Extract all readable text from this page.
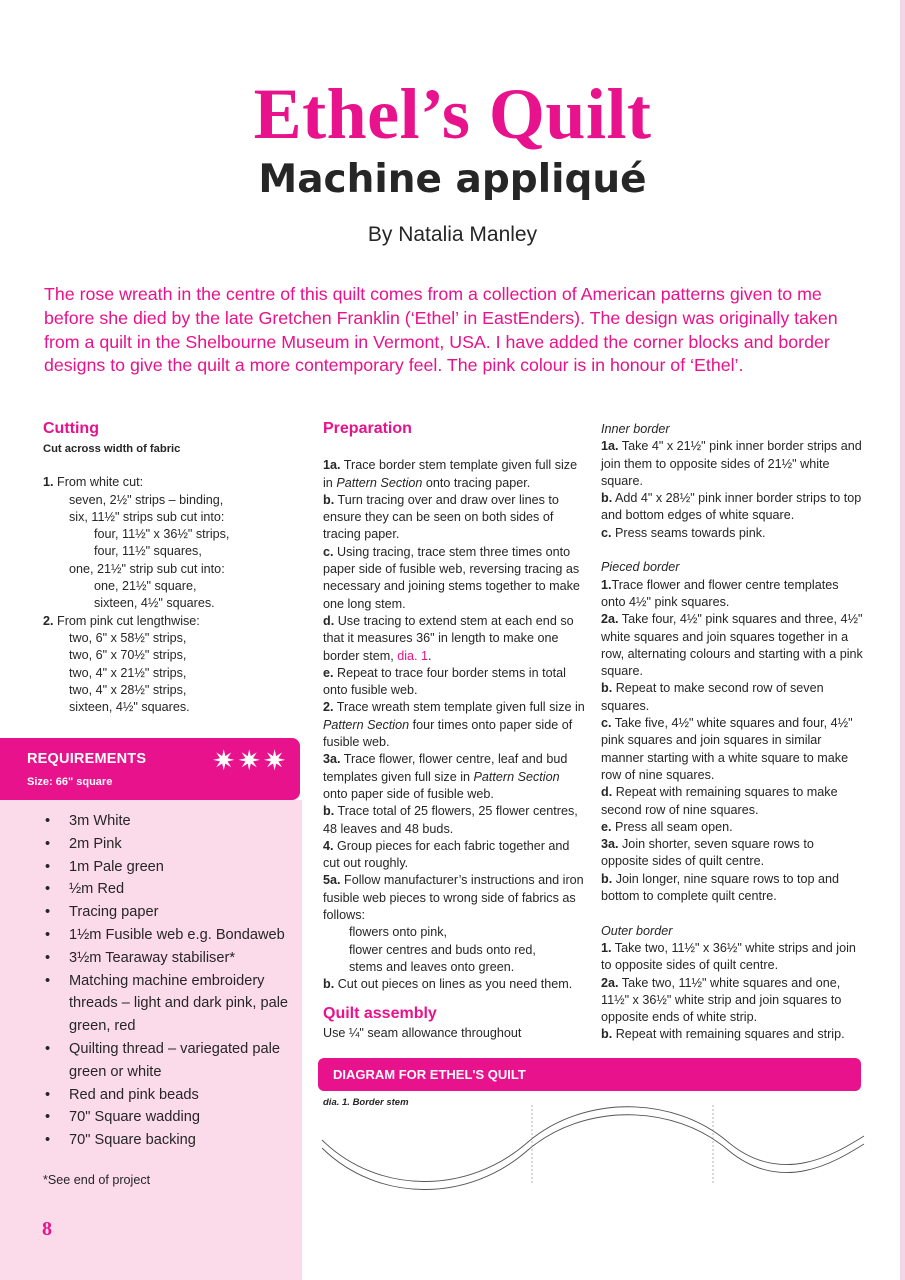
Ethel’s Quilt
Machine appliqué
By Natalia Manley

The rose wreath in the centre of this quilt comes from a collection of American patterns given to me before she died by the late Gretchen Franklin (‘Ethel’ in EastEnders). The design was originally taken from a quilt in the Shelbourne Museum in Vermont, USA. I have added the corner blocks and border designs to give the quilt a more contemporary feel. The pink colour is in honour of ‘Ethel’.

Cutting
Cut across width of fabric
1. From white cut:
seven, 2½" strips – binding,
six, 11½" strips sub cut into:
four, 11½" x 36½" strips,
four, 11½" squares,
one, 21½" strip sub cut into:
one, 21½" square,
sixteen, 4½" squares.
2. From pink cut lengthwise:
two, 6" x 58½" strips,
two, 6" x 70½" strips,
two, 4" x 21½" strips,
two, 4" x 28½" strips,
sixteen, 4½" squares.
REQUIREMENTS
Size: 66" square
✷✷✷
• 3m White
• 2m Pink
• 1m Pale green
• ½m Red
• Tracing paper
• 1½m Fusible web e.g. Bondaweb
• 3½m Tearaway stabiliser*
• Matching machine embroidery threads – light and dark pink, pale green, red
• Quilting thread – variegated pale green or white
• Red and pink beads
• 70" Square wadding
• 70" Square backing
*See end of project
8
Preparation
1a. Trace border stem template given full size in Pattern Section onto tracing paper.
b. Turn tracing over and draw over lines to ensure they can be seen on both sides of tracing paper.
c. Using tracing, trace stem three times onto paper side of fusible web, reversing tracing as necessary and joining stems together to make one long stem.
d. Use tracing to extend stem at each end so that it measures 36" in length to make one border stem, dia. 1.
e. Repeat to trace four border stems in total onto fusible web.
2. Trace wreath stem template given full size in Pattern Section four times onto paper side of fusible web.
3a. Trace flower, flower centre, leaf and bud templates given full size in Pattern Section onto paper side of fusible web.
b. Trace total of 25 flowers, 25 flower centres, 48 leaves and 48 buds.
4. Group pieces for each fabric together and cut out roughly.
5a. Follow manufacturer’s instructions and iron fusible web pieces to wrong side of fabrics as follows:
flowers onto pink,
flower centres and buds onto red,
stems and leaves onto green.
b. Cut out pieces on lines as you need them.
Quilt assembly
Use ¼" seam allowance throughout
Inner border
1a. Take 4" x 21½" pink inner border strips and join them to opposite sides of 21½" white square.
b. Add 4" x 28½" pink inner border strips to top and bottom edges of white square.
c. Press seams towards pink.
Pieced border
1.Trace flower and flower centre templates onto 4½" pink squares.
2a. Take four, 4½" pink squares and three, 4½" white squares and join squares together in a row, alternating colours and starting with a pink square.
b. Repeat to make second row of seven squares.
c. Take five, 4½" white squares and four, 4½" pink squares and join squares in similar manner starting with a white square to make row of nine squares.
d. Repeat with remaining squares to make second row of nine squares.
e. Press all seam open.
3a. Join shorter, seven square rows to opposite sides of quilt centre.
b. Join longer, nine square rows to top and bottom to complete quilt centre.
Outer border
1. Take two, 11½" x 36½" white strips and join to opposite sides of quilt centre.
2a. Take two, 11½" white squares and one, 11½" x 36½" white strip and join squares to opposite ends of white strip.
b. Repeat with remaining squares and strip.
DIAGRAM FOR ETHEL'S QUILT
dia. 1. Border stem
